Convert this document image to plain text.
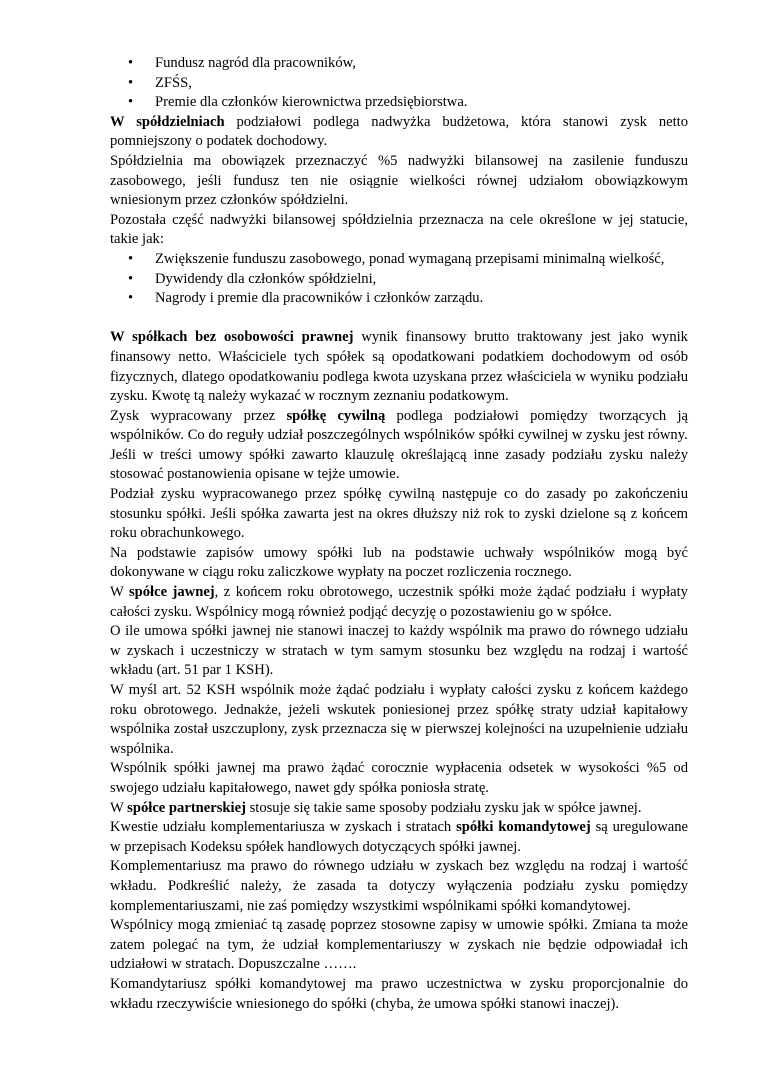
• Fundusz nagród dla pracowników,
• ZFŚS,
• Premie dla członków kierownictwa przedsiębiorstwa.

W spółdzielniach podziałowi podlega nadwyżka budżetowa, która stanowi zysk netto pomniejszony o podatek dochodowy.

Spółdzielnia ma obowiązek przeznaczyć %5 nadwyżki bilansowej na zasilenie funduszu zasobowego, jeśli fundusz ten nie osiągnie wielkości równej udziałom obowiązkowym wniesionym przez członków spółdzielni.

Pozostała część nadwyżki bilansowej spółdzielnia przeznacza na cele określone w jej statucie, takie jak:

• Zwiększenie funduszu zasobowego, ponad wymaganą przepisami minimalną wielkość,
• Dywidendy dla członków spółdzielni,
• Nagrody i premie dla pracowników i członków zarządu.

W spółkach bez osobowości prawnej wynik finansowy brutto traktowany jest jako wynik finansowy netto. Właściciele tych spółek są opodatkowani podatkiem dochodowym od osób fizycznych, dlatego opodatkowaniu podlega kwota uzyskana przez właściciela w wyniku podziału zysku. Kwotę tą należy wykazać w rocznym zeznaniu podatkowym.

Zysk wypracowany przez spółkę cywilną podlega podziałowi pomiędzy tworzących ją wspólników. Co do reguły udział poszczególnych wspólników spółki cywilnej w zysku jest równy.

Jeśli w treści umowy spółki zawarto klauzulę określającą inne zasady podziału zysku należy stosować postanowienia opisane w tejże umowie.

Podział zysku wypracowanego przez spółkę cywilną następuje co do zasady po zakończeniu stosunku spółki. Jeśli spółka zawarta jest na okres dłuższy niż rok to zyski dzielone są z końcem roku obrachunkowego.

Na podstawie zapisów umowy spółki lub na podstawie uchwały wspólników mogą być dokonywane w ciągu roku zaliczkowe wypłaty na poczet rozliczenia rocznego.

W spółce jawnej, z końcem roku obrotowego, uczestnik spółki może żądać podziału i wypłaty całości zysku. Wspólnicy mogą również podjąć decyzję o pozostawieniu go w spółce.

O ile umowa spółki jawnej nie stanowi inaczej to każdy wspólnik ma prawo do równego udziału w zyskach i uczestniczy w stratach w tym samym stosunku bez względu na rodzaj i wartość wkładu (art. 51 par 1 KSH).

W myśl art. 52 KSH wspólnik może żądać podziału i wypłaty całości zysku z końcem każdego roku obrotowego. Jednakże, jeżeli wskutek poniesionej przez spółkę straty udział kapitałowy wspólnika został uszczuplony, zysk przeznacza się w pierwszej kolejności na uzupełnienie udziału wspólnika.

Wspólnik spółki jawnej ma prawo żądać corocznie wypłacenia odsetek w wysokości %5 od swojego udziału kapitałowego, nawet gdy spółka poniosła stratę.

W spółce partnerskiej stosuje się takie same sposoby podziału zysku jak w spółce jawnej.

Kwestie udziału komplementariusza w zyskach i stratach spółki komandytowej są uregulowane w przepisach Kodeksu spółek handlowych dotyczących spółki jawnej.

Komplementariusz ma prawo do równego udziału w zyskach bez względu na rodzaj i wartość wkładu. Podkreślić należy, że zasada ta dotyczy wyłączenia podziału zysku pomiędzy komplementariuszami, nie zaś pomiędzy wszystkimi wspólnikami spółki komandytowej.

Wspólnicy mogą zmieniać tą zasadę poprzez stosowne zapisy w umowie spółki. Zmiana ta może zatem polegać na tym, że udział komplementariuszy w zyskach nie będzie odpowiadał ich udziałowi w stratach. Dopuszczalne …….

Komandytariusz spółki komandytowej ma prawo uczestnictwa w zysku proporcjonalnie do wkładu rzeczywiście wniesionego do spółki (chyba, że umowa spółki stanowi inaczej).
